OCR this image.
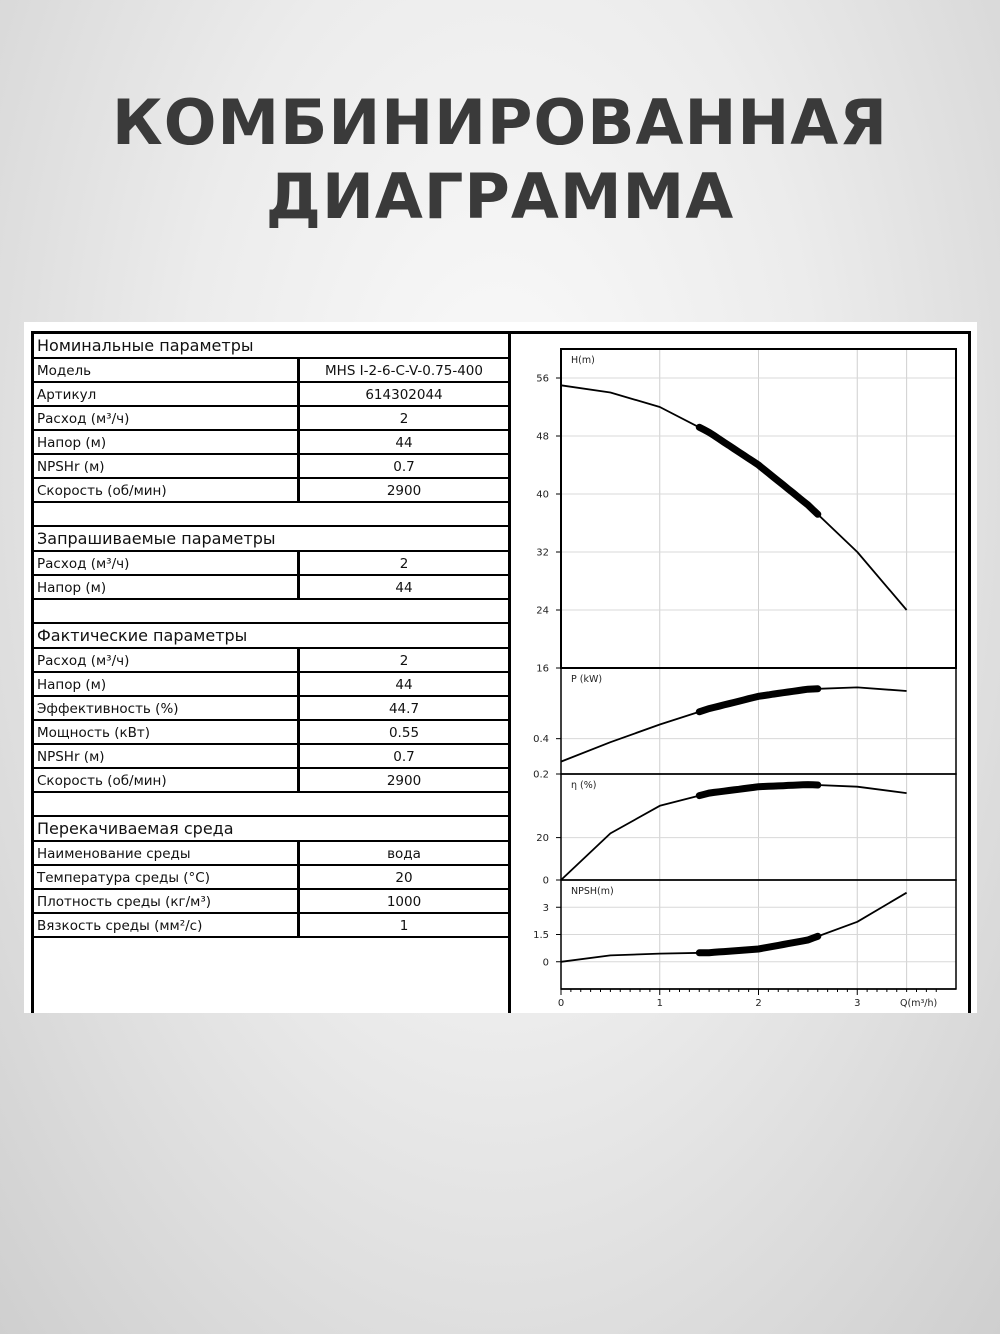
КОМБИНИРОВАННАЯ
ДИАГРАММА
Номинальные параметры
Модель	MHS I-2-6-C-V-0.75-400
Артикул	614302044
Расход (м³/ч)	2
Напор (м)	44
NPSHr (м)	0.7
Скорость (об/мин)	2900
Запрашиваемые параметры
Расход (м³/ч)	2
Напор (м)	44
Фактические параметры
Расход (м³/ч)	2
Напор (м)	44
Эффективность (%)	44.7
Мощность (кВт)	0.55
NPSHr (м)	0.7
Скорость (об/мин)	2900
Перекачиваемая среда
Наименование среды	вода
Температура среды (°C)	20
Плотность среды (кг/м³)	1000
Вязкость среды (мм²/с)	1
56
48
40
32
24
16
H(m)
0.4
0.2
P (kW)
20
0
η (%)
3
1.5
0
NPSH(m)
0	1	2	3	Q(m³/h)
